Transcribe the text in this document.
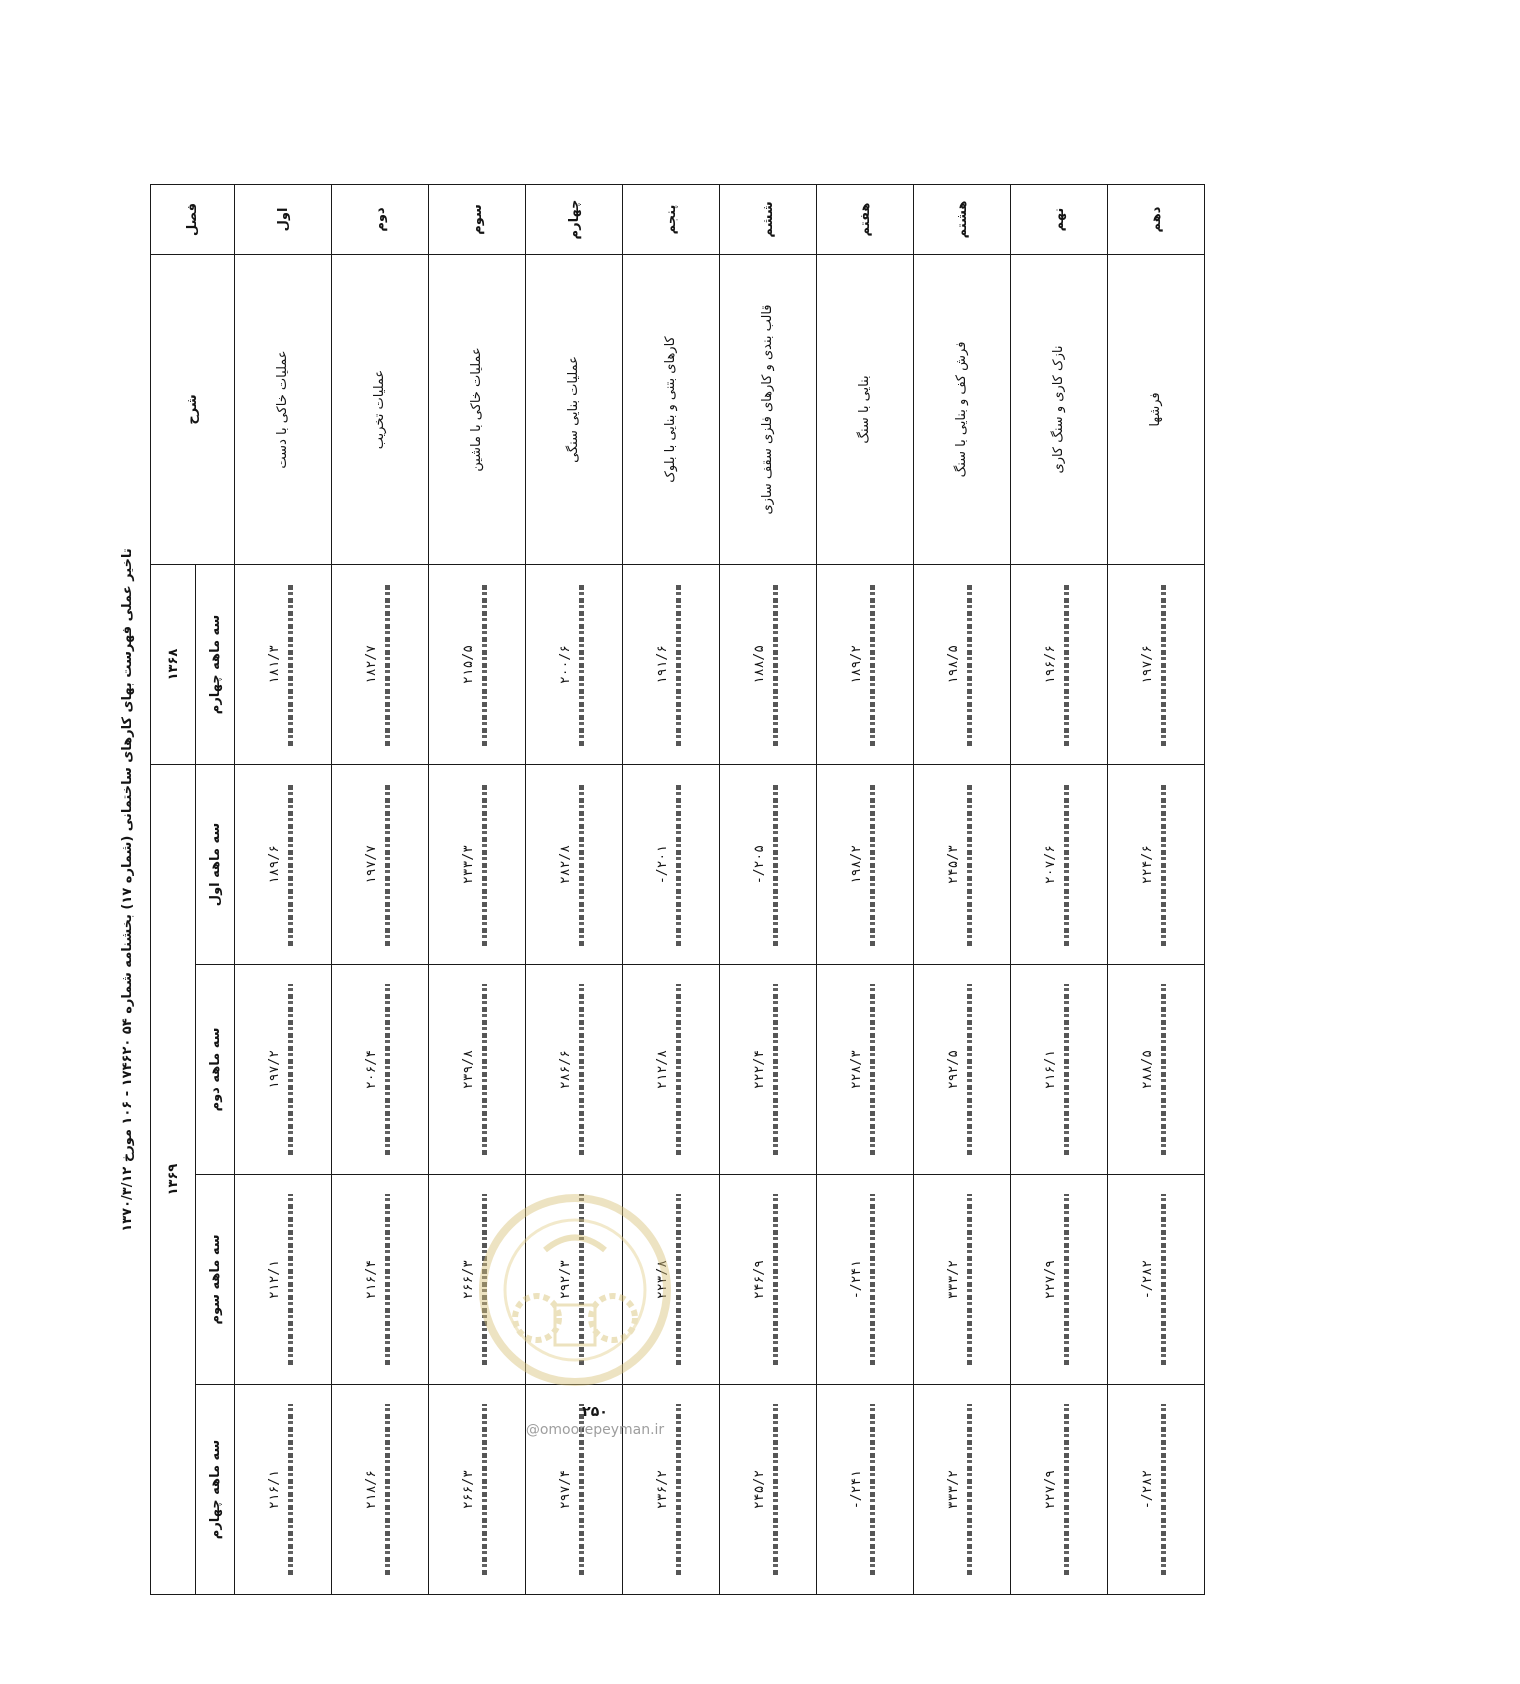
تاخیر عملی فهرست بهای کارهای ساختمانی (شماره ۱۷) بخشنامه شماره ۵۴ ۱۷۴۶۲۰ - ۱۰۶ مورخ ۱۳۷۰/۳/۱۲
فصل	شرح	۱۳۶۸	۱۳۶۹			
		سه ماهه چهارم	سه ماهه اول	سه ماهه دوم	سه ماهه سوم	سه ماهه چهارم
اول	عملیات خاکی با دست	۱۸۱/۳	۱۸۹/۶	۱۹۷/۲	۲۱۲/۱	۲۱۶/۱

دوم	عملیات تخریب	۱۸۲/۷	۱۹۷/۷	۲۰۶/۴	۲۱۶/۴	۲۱۸/۶

سوم	عملیات خاکی با ماشین	۲۱۵/۵	۲۳۳/۳	۲۳۹/۸	۲۶۶/۳	۲۶۶/۳

چهارم	عملیات بنایی سنگی	۲۰۰/۶	۲۸۲/۸	۲۸۶/۶	۲۹۲/۳	۲۹۷/۴

پنجم	کارهای بتنی و بنایی با بلوک	۱۹۱/۶	۲۰۱/-	۲۱۲/۸	۲۲۳/۸	۲۳۶/۲

ششم	قالب بندی و کارهای فلزی سقف سازی	۱۸۸/۵	۲۰۵/-	۲۲۲/۴	۲۴۶/۹	۲۴۵/۲

هفتم	بنایی با سنگ	۱۸۹/۲	۱۹۸/۲	۲۲۸/۳	۲۴۱/-	۲۴۱/-

هشتم	فرش کف و بنایی با سنگ	۱۹۸/۵	۲۴۵/۳	۲۹۲/۵	۳۳۳/۲	۳۳۳/۲

نهم	نازک کاری و سنگ کاری	۱۹۶/۶	۲۰۷/۶	۲۱۶/۱	۲۲۷/۹	۲۲۷/۹

دهم	فرشها	۱۹۷/۶	۲۲۴/۶	۲۸۸/۵	۲۸۲/-	۲۸۲/-
۲۵۰
@omoorepeyman.ir
